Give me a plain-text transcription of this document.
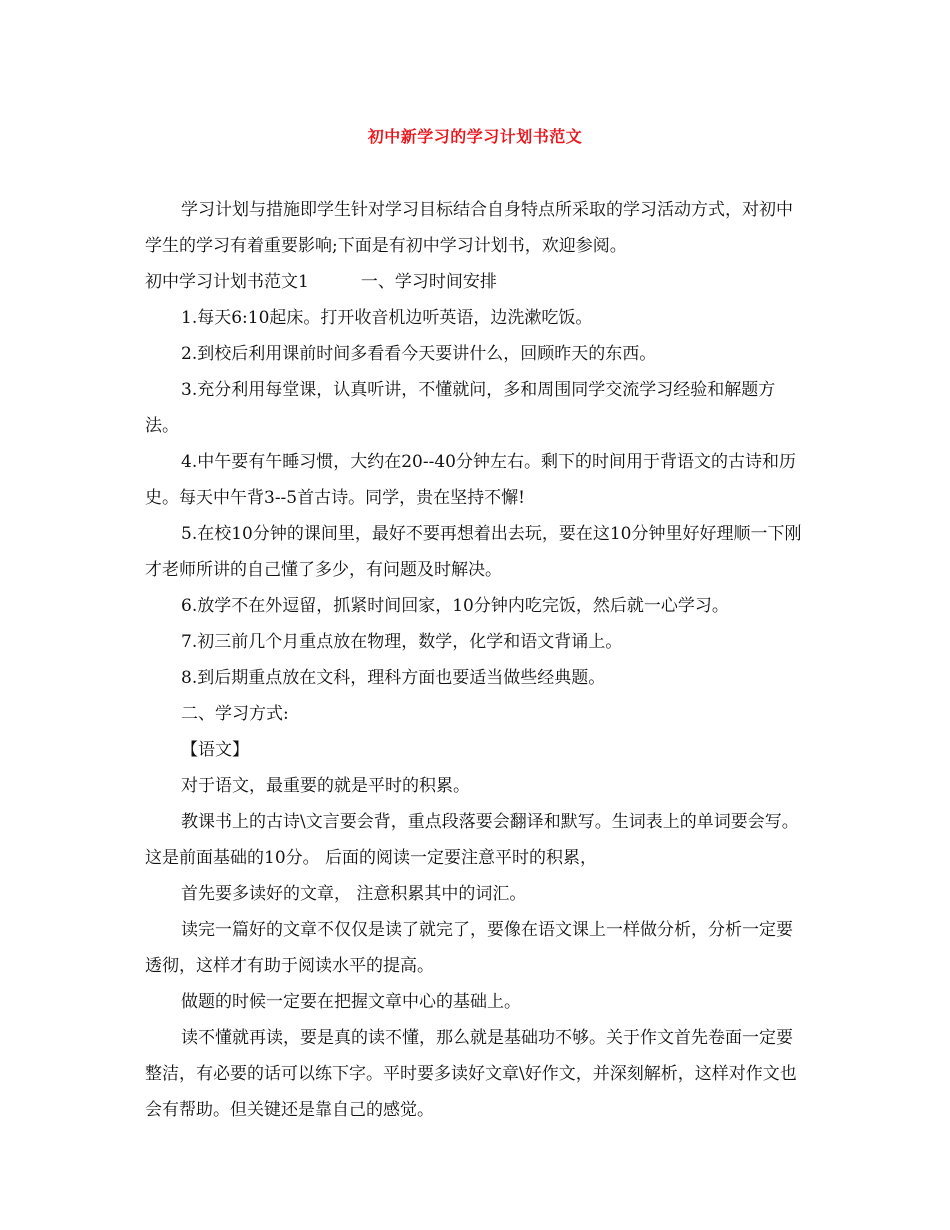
初中新学习的学习计划书范文

学习计划与措施即学生针对学习目标结合自身特点所采取的学习活动方式，对初中学生的学习有着重要影响;下面是有初中学习计划书，欢迎参阅。

初中学习计划书范文1	一、学习时间安排

1.每天6:10起床。打开收音机边听英语，边洗漱吃饭。

2.到校后利用课前时间多看看今天要讲什么，回顾昨天的东西。

3.充分利用每堂课，认真听讲，不懂就问，多和周围同学交流学习经验和解题方法。

4.中午要有午睡习惯，大约在20--40分钟左右。剩下的时间用于背语文的古诗和历史。每天中午背3--5首古诗。同学，贵在坚持不懈!

5.在校10分钟的课间里，最好不要再想着出去玩，要在这10分钟里好好理顺一下刚才老师所讲的自己懂了多少，有问题及时解决。

6.放学不在外逗留，抓紧时间回家，10分钟内吃完饭，然后就一心学习。

7.初三前几个月重点放在物理，数学，化学和语文背诵上。

8.到后期重点放在文科，理科方面也要适当做些经典题。

二、学习方式:

【语文】

对于语文，最重要的就是平时的积累。

教课书上的古诗\文言要会背，重点段落要会翻译和默写。生词表上的单词要会写。 这是前面基础的10分。 后面的阅读一定要注意平时的积累，

首先要多读好的文章， 注意积累其中的词汇。

读完一篇好的文章不仅仅是读了就完了，要像在语文课上一样做分析，分析一定要透彻，这样才有助于阅读水平的提高。

做题的时候一定要在把握文章中心的基础上。

读不懂就再读，要是真的读不懂，那么就是基础功不够。关于作文首先卷面一定要整洁，有必要的话可以练下字。平时要多读好文章\好作文，并深刻解析，这样对作文也会有帮助。但关键还是靠自己的感觉。
